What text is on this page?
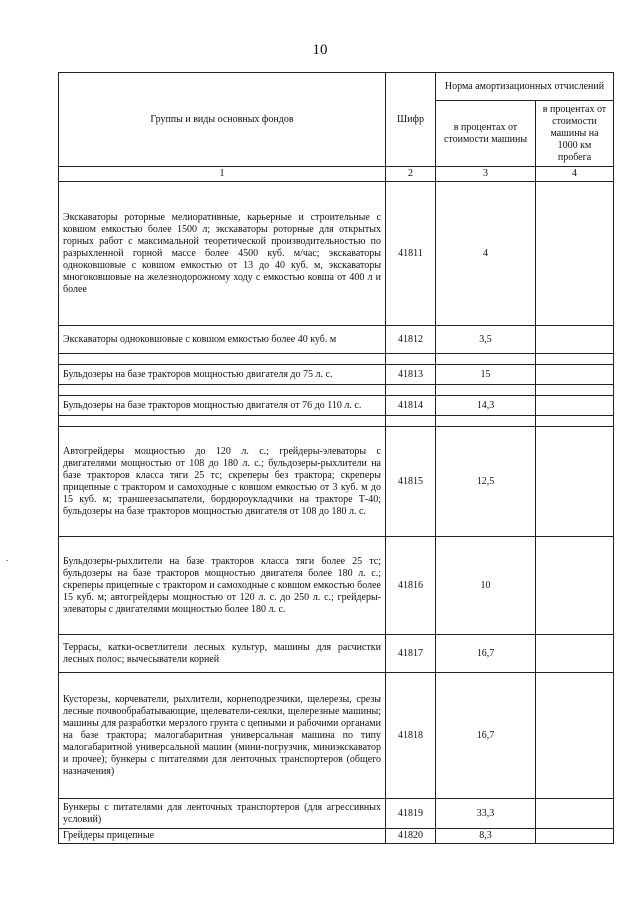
10
Группы и виды основных фондов	Шифр	Норма амортизационных отчислений	
		в процентах от стоимости машины	в процентах от стоимости машины на 1000 км пробега
1	2	3	4
Экскаваторы роторные мелиоративные, карьерные и строительные с ковшом емкостью более 1500 л; экскаваторы роторные для открытых горных работ с максимальной теоретической производительностью по разрыхленной горной массе более 4500 куб. м/час; экскаваторы одноковшовые с ковшом емкостью от 13 до 40 куб. м, экскаваторы многоковшовые на железнодорожному ходу с емкостью ковша от 400 л и более	41811	4	
Экскаваторы одноковшовые с ковшом емкостью более 40 куб. м	41812	3,5	

Бульдозеры на базе тракторов мощностью двигателя до 75 л. с.	41813	15	

Бульдозеры на базе тракторов мощностью двигателя от 76 до 110 л. с.	41814	14,3	

Автогрейдеры мощностью до 120 л. с.; грейдеры-элеваторы с двигателями мощностью от 108 до 180 л. с.; бульдозеры-рыхлители на базе тракторов класса тяги 25 тс; скреперы без трактора; скреперы прицепные с трактором и самоходные с ковшом емкостью от 3 куб. м до 15 куб. м; траншеезасыпатели, бордюроукладчики на тракторе Т-40; бульдозеры на базе тракторов мощностью двигателя от 108 до 180 л. с.	41815	12,5	
Бульдозеры-рыхлители на базе тракторов класса тяги более 25 тс; бульдозеры на базе тракторов мощностью двигателя более 180 л. с.; скреперы прицепные с трактором и самоходные с ковшом емкостью более 15 куб. м; автогрейдеры мощностью от 120 л. с. до 250 л. с.; грейдеры-элеваторы с двигателями мощностью более 180 л. с.	41816	10	
Террасы, катки-осветлители лесных культур, машины для расчистки лесных полос; вычесыватели корней	41817	16,7	
Кусторезы, корчеватели, рыхлители, корнеподрезчики, щелерезы, срезы лесные почвообрабатывающие, щелеватели-сеялки, щелерезные машины; машины для разработки мерзлого грунта с цепными и рабочими органами на базе трактора; малогабаритная универсальная машина по типу малогабаритной универсальной машин (мини-погрузчик, миниэкскаватор и прочее); бункеры с питателями для ленточных транспортеров (общего назначения)	41818	16,7	
Бункеры с питателями для ленточных транспортеров (для агрессивных условий)	41819	33,3	
Грейдеры прицепные	41820	8,3	
